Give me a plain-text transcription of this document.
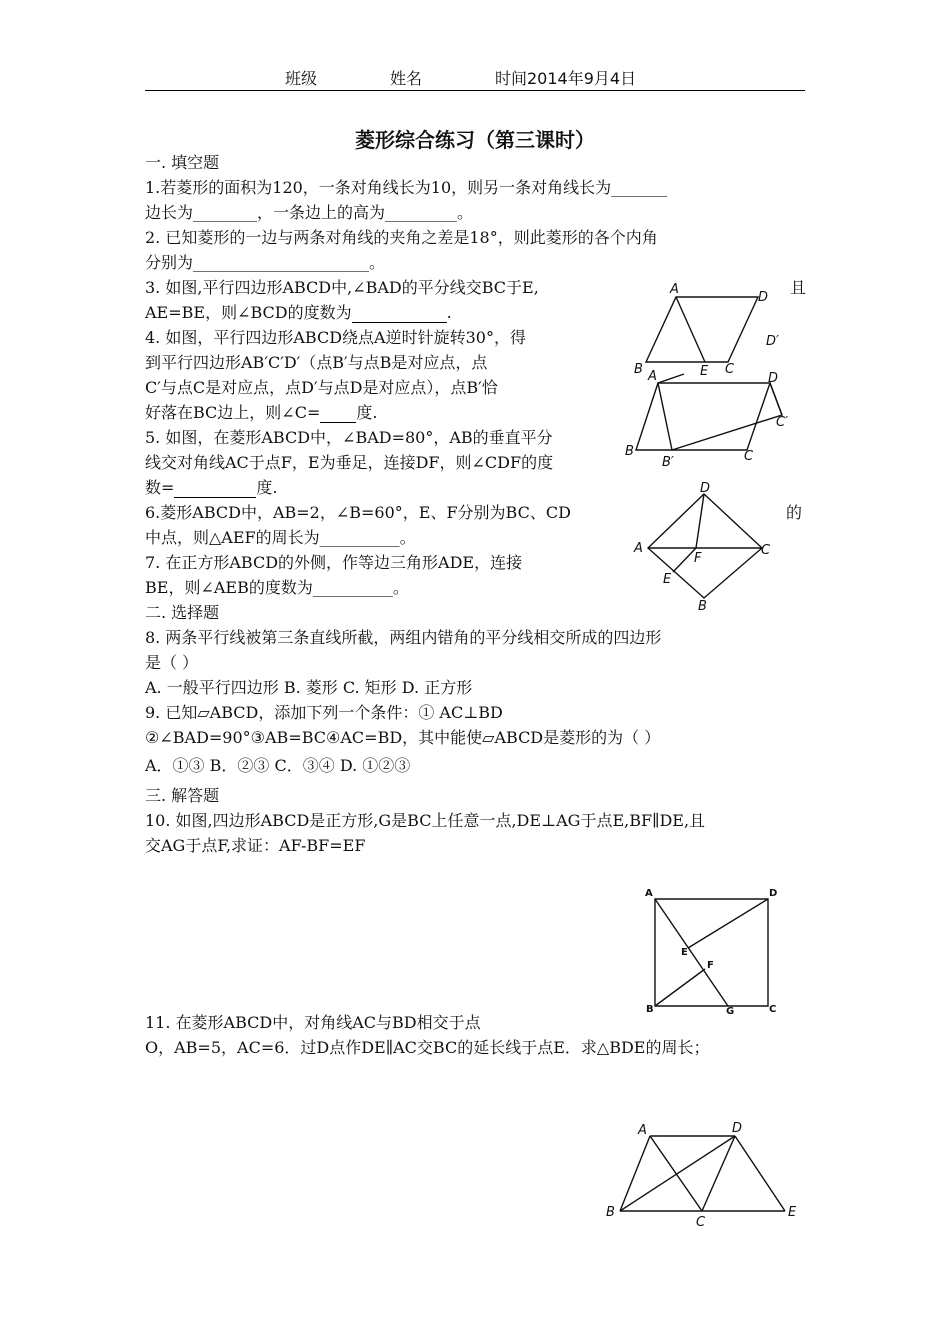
班级	姓名	时间2014年9月4日
菱形综合练习（第三课时）
一. 填空题
1.若菱形的面积为120，一条对角线长为10，则另一条对角线长为_______
边长为________，一条边上的高为_________。
2. 已知菱形的一边与两条对角线的夹角之差是18°，则此菱形的各个内角
分别为______________________。
3. 如图,平行四边形ABCD中,∠BAD的平分线交BC于E,	且
AE=BE，则∠BCD的度数为	.
4. 如图，平行四边形ABCD绕点A逆时针旋转30°，得
到平行四边形AB′C′D′（点B′与点B是对应点，点
C′与点C是对应点，点D′与点D是对应点），点B′恰
好落在BC边上，则∠C= 度.
5. 如图，在菱形ABCD中，∠BAD=80°，AB的垂直平分
线交对角线AC于点F，E为垂足，连接DF，则∠CDF的度
数=	度.
6.菱形ABCD中，AB=2，∠B=60°，E、F分别为BC、CD	的
中点，则△AEF的周长为__________。
7. 在正方形ABCD的外侧，作等边三角形ADE，连接
BE，则∠AEB的度数为__________。
二. 选择题
8. 两条平行线被第三条直线所截，两组内错角的平分线相交所成的四边形
是（ ）
A. 一般平行四边形 B. 菱形 C. 矩形 D. 正方形
9. 已知▱ABCD，添加下列一个条件：① AC⊥BD
②∠BAD=90°③AB=BC④AC=BD，其中能使▱ABCD是菱形的为（ ）
A．①③ B．②③ C．③④ D. ①②③
三. 解答题
10. 如图,四边形ABCD是正方形,G是BC上任意一点,DE⊥AG于点E,BF∥DE,且
交AG于点F,求证：AF-BF=EF
11. 在菱形ABCD中，对角线AC与BD相交于点
O，AB=5，AC=6．过D点作DE∥AC交BC的延长线于点E．求△BDE的周长；
A
D
B	E C
D′
A	D
B
B′	C
C′
D
A	C
F
E
B
A	D
E
F
B	G	C
A	D
B
C
E
